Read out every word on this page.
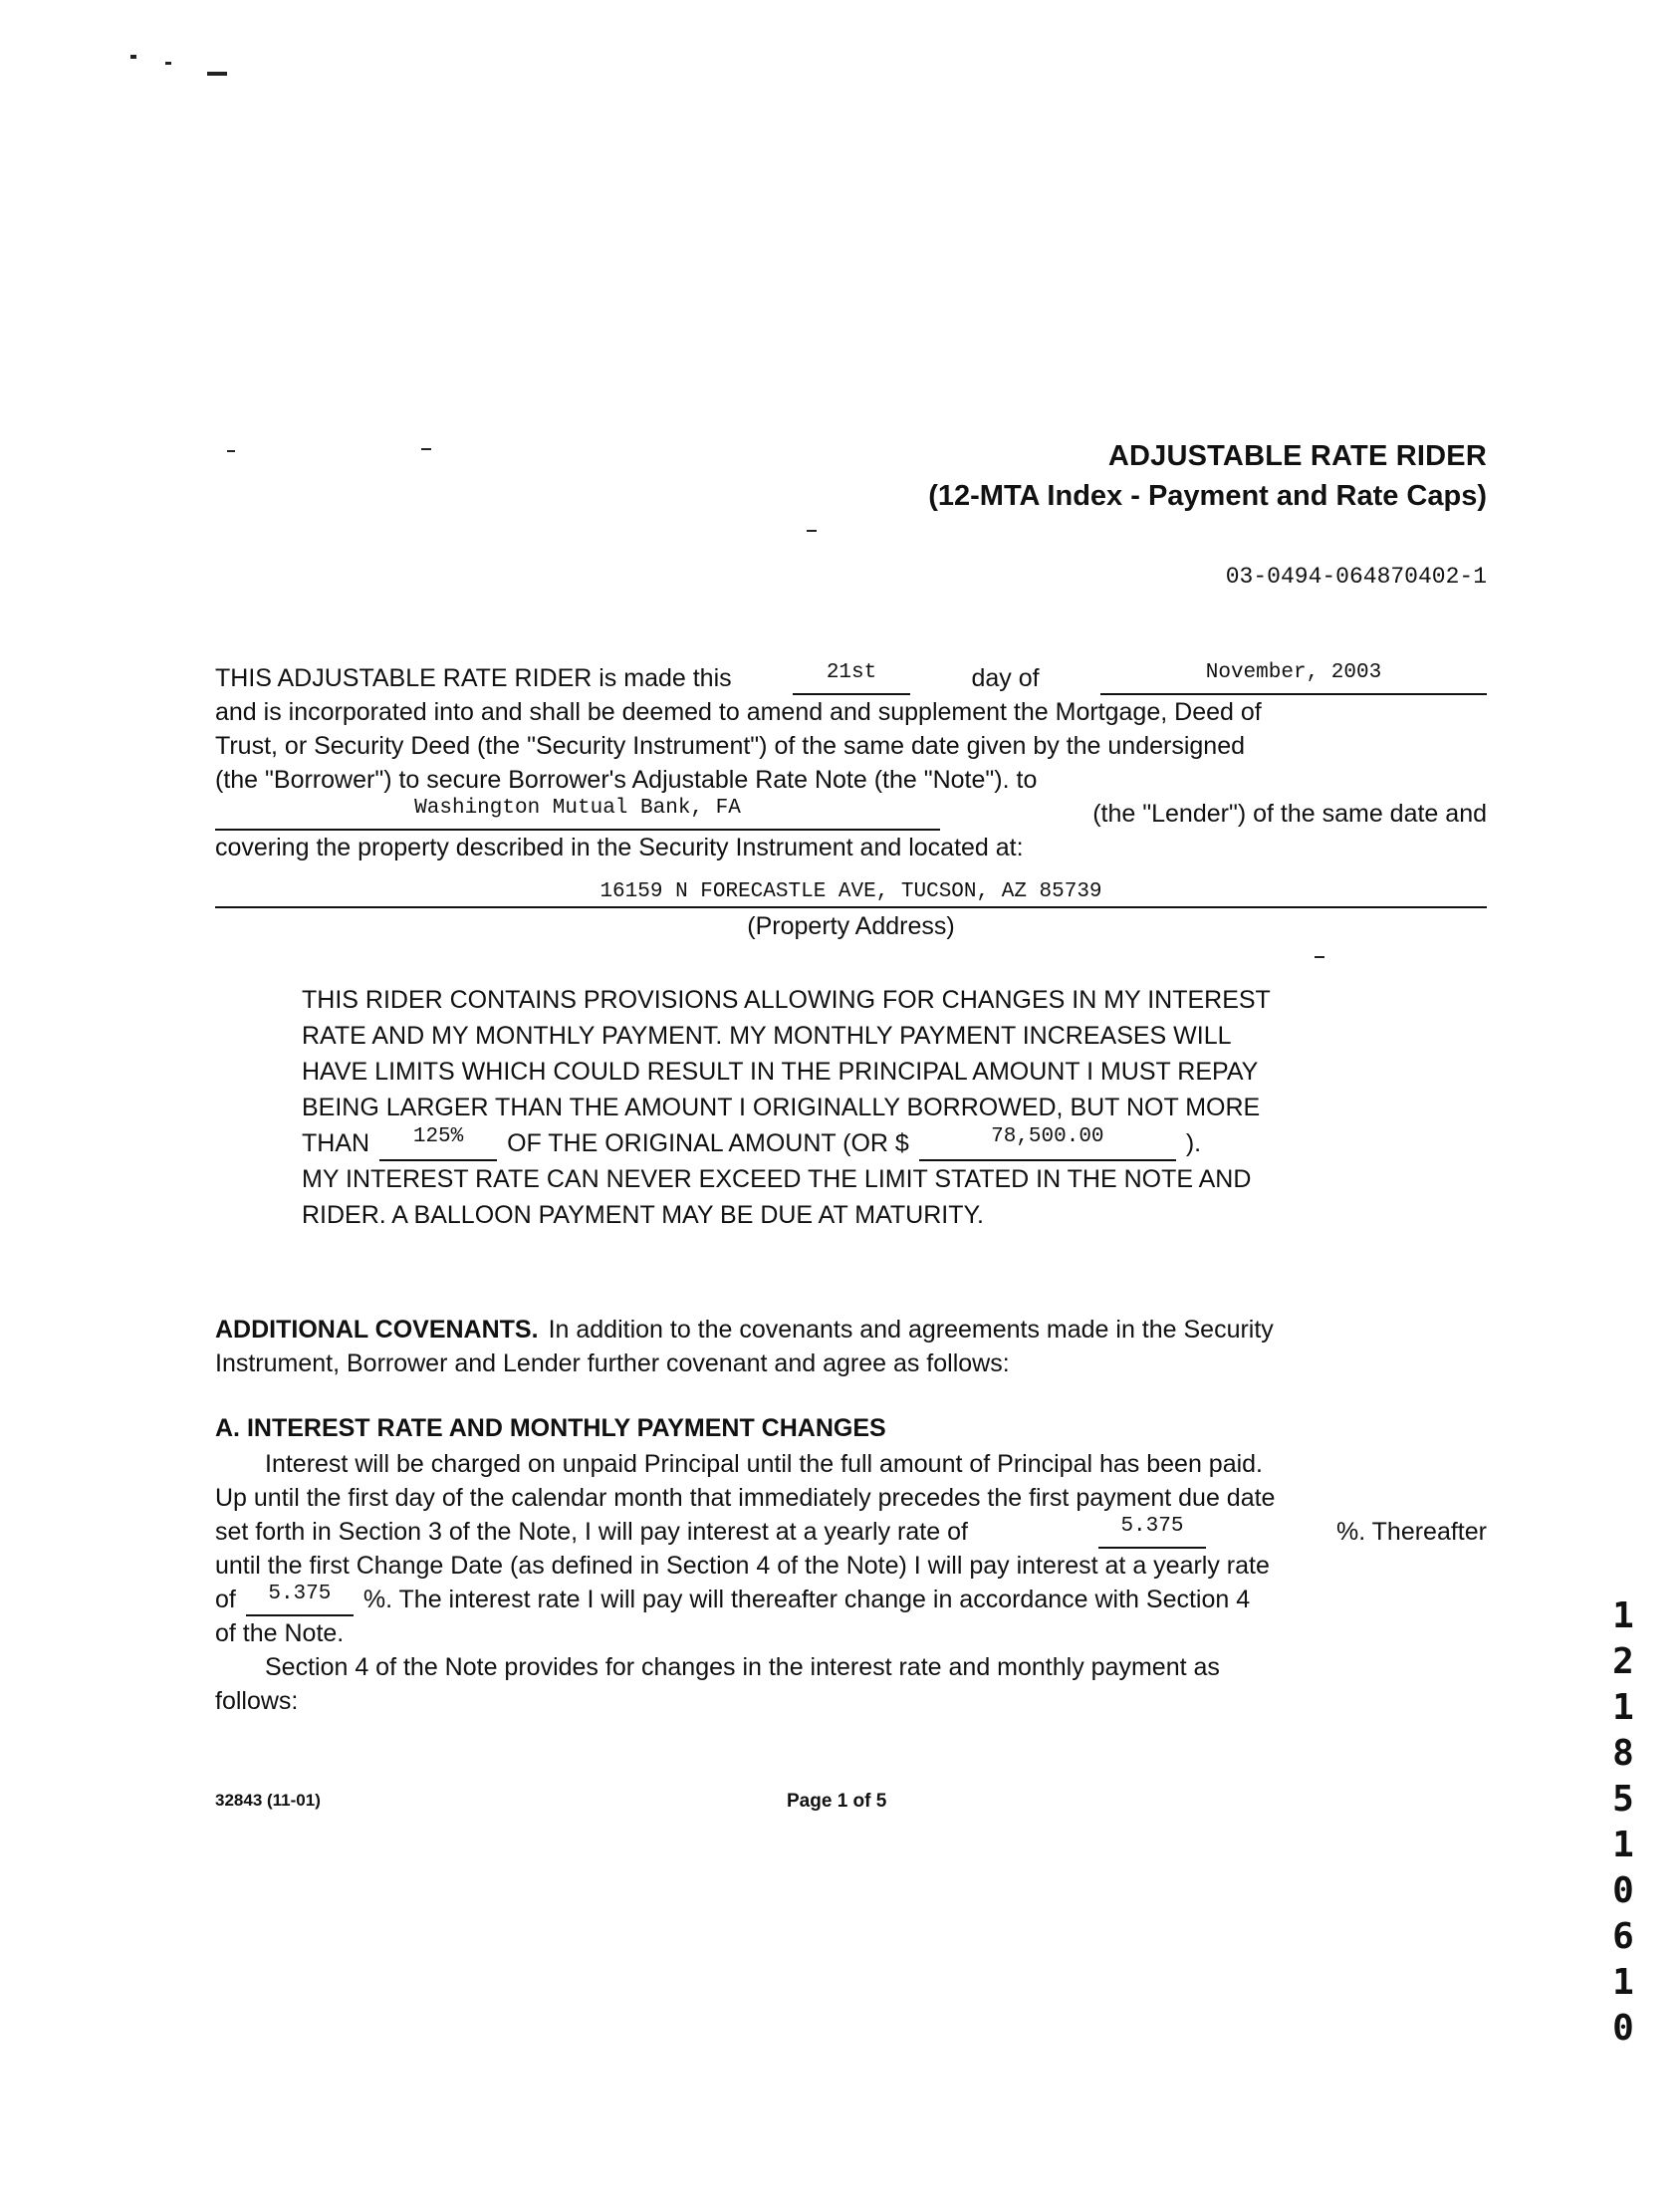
ADJUSTABLE RATE RIDER
(12-MTA Index - Payment and Rate Caps)
03-0494-064870402-1
THIS ADJUSTABLE RATE RIDER is made this	21st	day of	November, 2003
and is incorporated into and shall be deemed to amend and supplement the Mortgage, Deed of
Trust, or Security Deed (the "Security Instrument") of the same date given by the undersigned
(the "Borrower") to secure Borrower's Adjustable Rate Note (the "Note"). to
Washington Mutual Bank, FA	(the "Lender") of the same date and
covering the property described in the Security Instrument and located at:
16159 N FORECASTLE AVE, TUCSON, AZ 85739
(Property Address)
THIS RIDER CONTAINS PROVISIONS ALLOWING FOR CHANGES IN MY INTEREST
RATE AND MY MONTHLY PAYMENT. MY MONTHLY PAYMENT INCREASES WILL
HAVE LIMITS WHICH COULD RESULT IN THE PRINCIPAL AMOUNT I MUST REPAY
BEING LARGER THAN THE AMOUNT I ORIGINALLY BORROWED, BUT NOT MORE
THAN	125%	OF THE ORIGINAL AMOUNT (OR $	78,500.00	).
MY INTEREST RATE CAN NEVER EXCEED THE LIMIT STATED IN THE NOTE AND
RIDER. A BALLOON PAYMENT MAY BE DUE AT MATURITY.
ADDITIONAL COVENANTS. In addition to the covenants and agreements made in the Security
Instrument, Borrower and Lender further covenant and agree as follows:
A. INTEREST RATE AND MONTHLY PAYMENT CHANGES
Interest will be charged on unpaid Principal until the full amount of Principal has been paid.
Up until the first day of the calendar month that immediately precedes the first payment due date
set forth in Section 3 of the Note, I will pay interest at a yearly rate of	5.375	%. Thereafter
until the first Change Date (as defined in Section 4 of the Note) I will pay interest at a yearly rate
of	5.375	%. The interest rate I will pay will thereafter change in accordance with Section 4
of the Note.
Section 4 of the Note provides for changes in the interest rate and monthly payment as
follows:
32843 (11-01)	Page 1 of 5
1
2
1
8
5
1
0
6
1
0
